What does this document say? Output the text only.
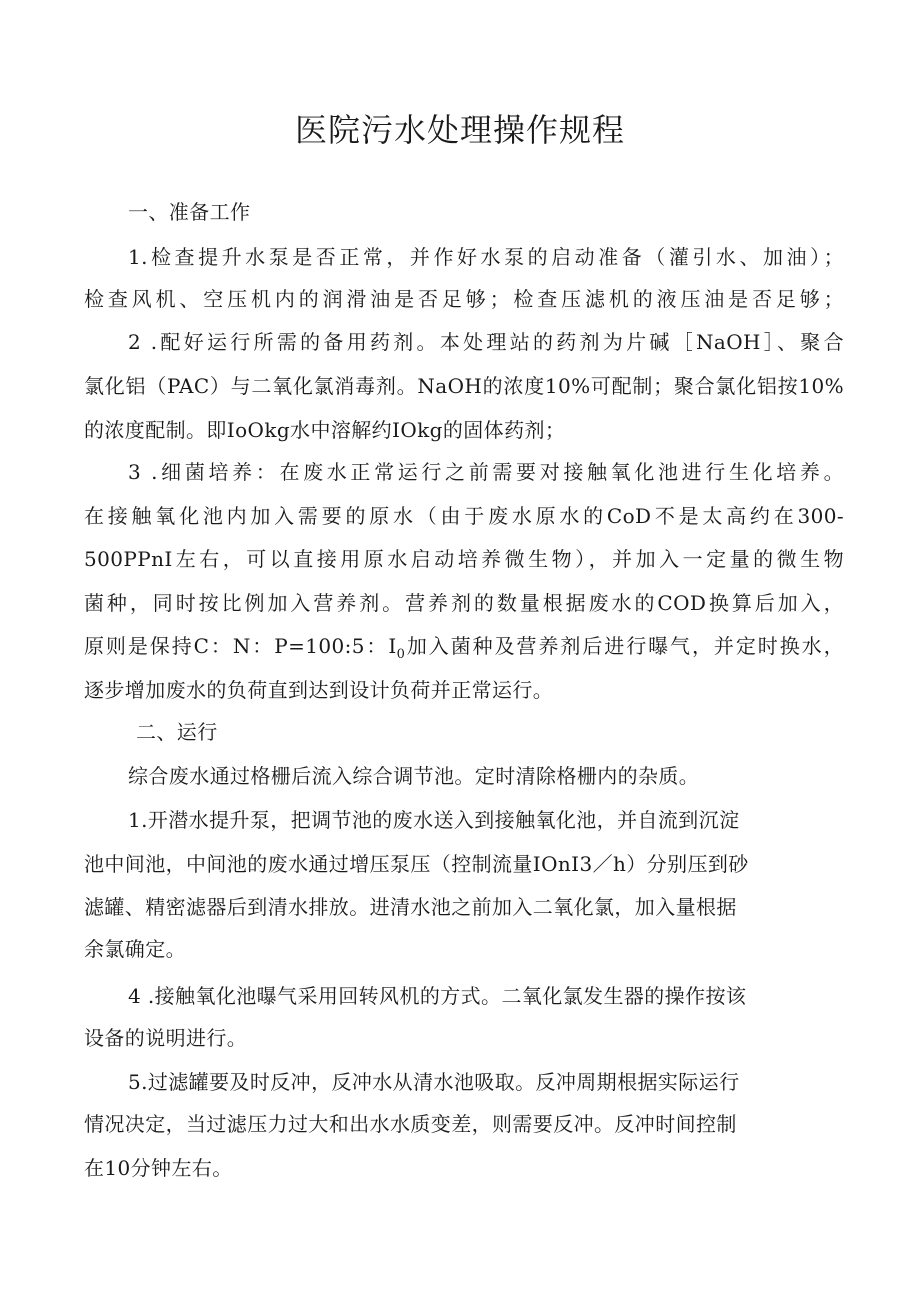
医院污水处理操作规程
一、准备工作
1.检查提升水泵是否正常，并作好水泵的启动准备（灌引水、加油）；
检查风机、空压机内的润滑油是否足够；检查压滤机的液压油是否足够；
2 .配好运行所需的备用药剂。本处理站的药剂为片碱［NaOH］、聚合
氯化铝（PAC）与二氧化氯消毒剂。NaOH的浓度10%可配制；聚合氯化铝按10%
的浓度配制。即IoOkg水中溶解约IOkg的固体药剂；
3 .细菌培养：在废水正常运行之前需要对接触氧化池进行生化培养。
在接触氧化池内加入需要的原水（由于废水原水的CoD不是太高约在300-
500PPnI左右，可以直接用原水启动培养微生物），并加入一定量的微生物
菌种，同时按比例加入营养剂。营养剂的数量根据废水的COD换算后加入，
原则是保持C：N：P=100:5：$I_0$加入菌种及营养剂后进行曝气，并定时换水，
逐步增加废水的负荷直到达到设计负荷并正常运行。
二、运行
综合废水通过格栅后流入综合调节池。定时清除格栅内的杂质。
1.开潜水提升泵，把调节池的废水送入到接触氧化池，并自流到沉淀
池中间池，中间池的废水通过增压泵压（控制流量IOnI3／h）分别压到砂
滤罐、精密滤器后到清水排放。进清水池之前加入二氧化氯，加入量根据
余氯确定。
4 .接触氧化池曝气采用回转风机的方式。二氧化氯发生器的操作按该
设备的说明进行。
5.过滤罐要及时反冲，反冲水从清水池吸取。反冲周期根据实际运行
情况决定，当过滤压力过大和出水水质变差，则需要反冲。反冲时间控制
在10分钟左右。
